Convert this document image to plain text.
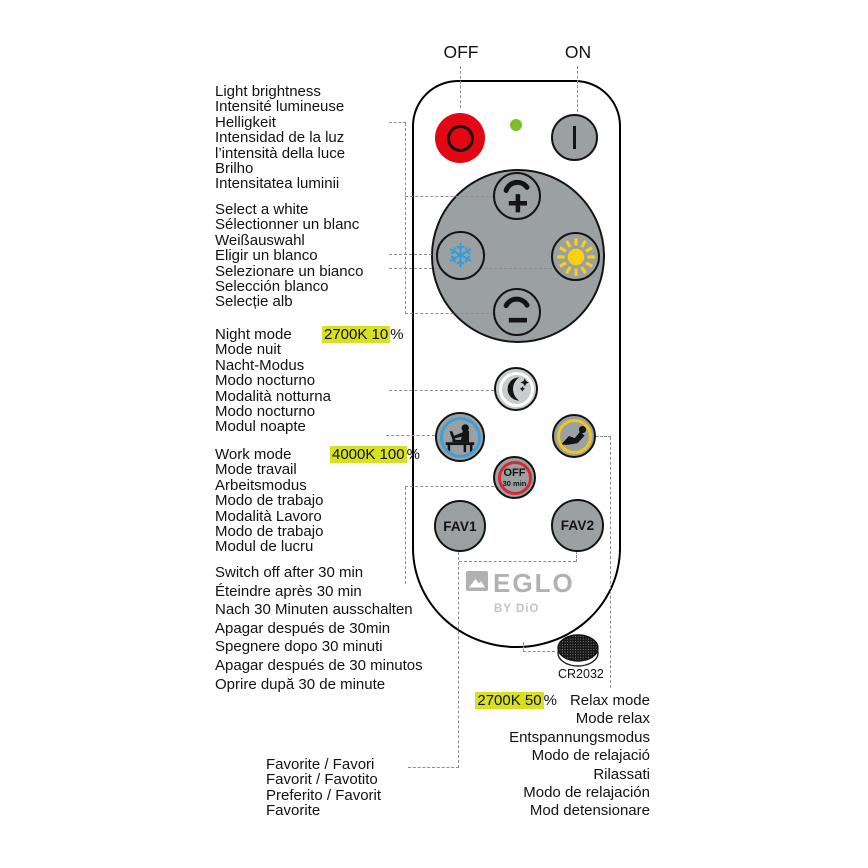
OFF	ON
❄
OFF
30 min
FAV1	FAV2
EGLO
BY DiO
CR2032
Light brightness
Intensité lumineuse
Helligkeit
Intensidad de la luz
l’intensità della luce
Brilho
Intensitatea luminii
Select a white
Sélectionner un blanc
Weißauswahl
Eligir un blanco
Selezionare un bianco
Selección blanco
Selecție alb
2700K 10 %
Night mode
Mode nuit
Nacht-Modus
Modo nocturno
Modalità notturna
Modo nocturno
Modul noapte
4000K 100 %
Work mode
Mode travail
Arbeitsmodus
Modo de trabajo
Modalità Lavoro
Modo de trabajo
Modul de lucru
Switch off after 30 min
Éteindre après 30 min
Nach 30 Minuten ausschalten
Apagar después de 30min
Spegnere dopo 30 minuti
Apagar después de 30 minutos
Oprire după 30 de minute
Favorite / Favori
Favorit / Favotito
Preferito / Favorit
Favorite
2700K 50 % Relax mode
Mode relax
Entspannungsmodus
Modo de relajació
Rilassati
Modo de relajación
Mod detensionare
